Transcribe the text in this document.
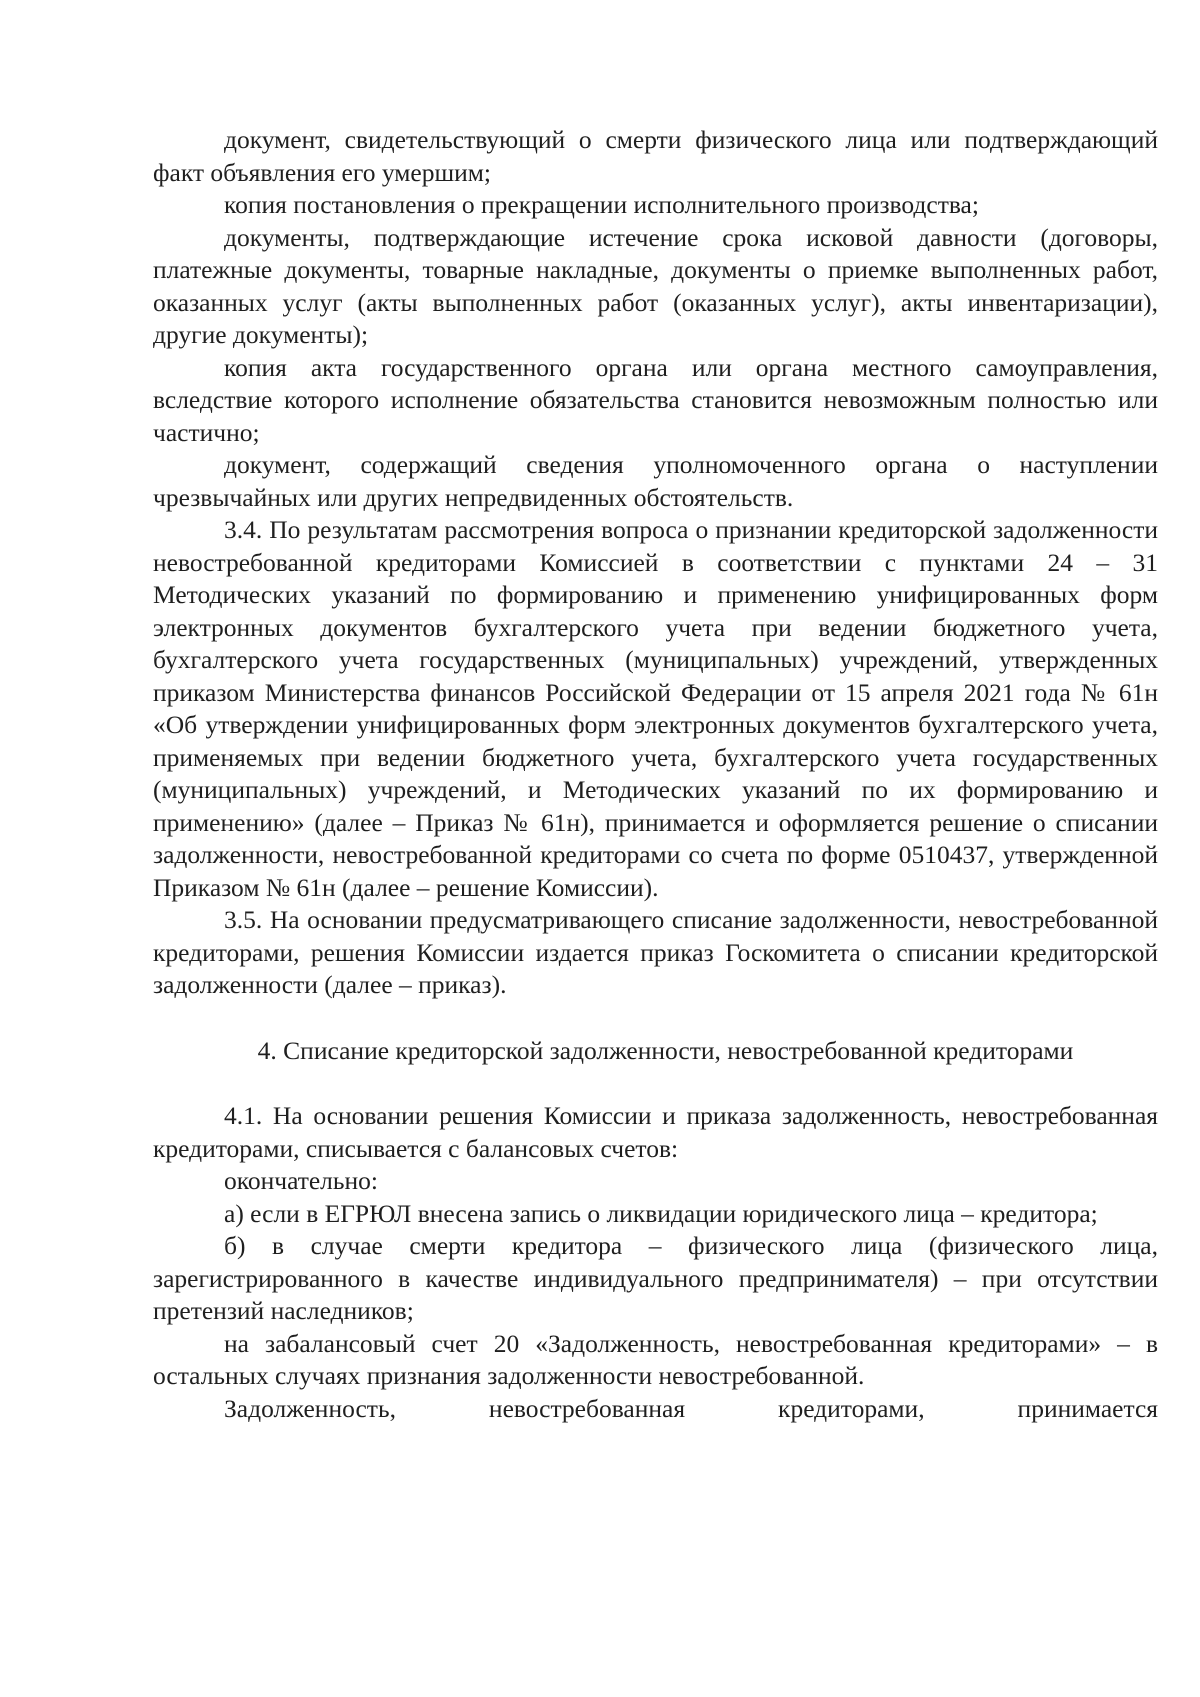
документ, свидетельствующий о смерти физического лица или подтверждающий факт объявления его умершим;

копия постановления о прекращении исполнительного производства;

документы, подтверждающие истечение срока исковой давности (договоры, платежные документы, товарные накладные, документы о приемке выполненных работ, оказанных услуг (акты выполненных работ (оказанных услуг), акты инвентаризации), другие документы);

копия акта государственного органа или органа местного самоуправления, вследствие которого исполнение обязательства становится невозможным полностью или частично;

документ, содержащий сведения уполномоченного органа о наступлении чрезвычайных или других непредвиденных обстоятельств.

3.4. По результатам рассмотрения вопроса о признании кредиторской задолженности невостребованной кредиторами Комиссией в соответствии с пунктами 24 – 31 Методических указаний по формированию и применению унифицированных форм электронных документов бухгалтерского учета при ведении бюджетного учета, бухгалтерского учета государственных (муниципальных) учреждений, утвержденных приказом Министерства финансов Российской Федерации от 15 апреля 2021 года № 61н «Об утверждении унифицированных форм электронных документов бухгалтерского учета, применяемых при ведении бюджетного учета, бухгалтерского учета государственных (муниципальных) учреждений, и Методических указаний по их формированию и применению» (далее – Приказ № 61н), принимается и оформляется решение о списании задолженности, невостребованной кредиторами со счета по форме 0510437, утвержденной Приказом № 61н (далее – решение Комиссии).

3.5. На основании предусматривающего списание задолженности, невостребованной кредиторами, решения Комиссии издается приказ Госкомитета о списании кредиторской задолженности (далее – приказ).

4. Списание кредиторской задолженности, невостребованной кредиторами

4.1. На основании решения Комиссии и приказа задолженность, невостребованная кредиторами, списывается с балансовых счетов:

окончательно:

а) если в ЕГРЮЛ внесена запись о ликвидации юридического лица – кредитора;

б) в случае смерти кредитора – физического лица (физического лица, зарегистрированного в качестве индивидуального предпринимателя) – при отсутствии претензий наследников;

на забалансовый счет 20 «Задолженность, невостребованная кредиторами» – в остальных случаях признания задолженности невостребованной.

Задолженность, невостребованная кредиторами, принимается
